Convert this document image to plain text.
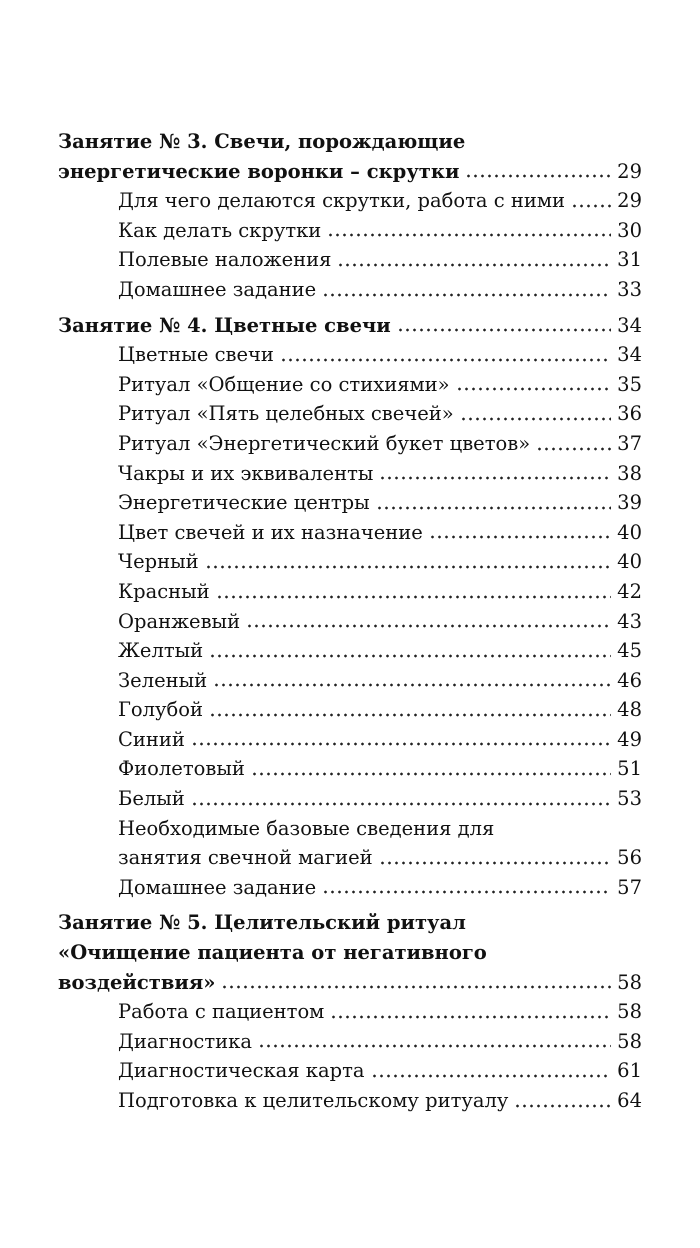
Занятие № 3. Свечи, порождающие
энергетические воронки – скрутки	29
Для чего делаются скрутки, работа с ними	29
Как делать скрутки	30
Полевые наложения	31
Домашнее задание	33
Занятие № 4. Цветные свечи	34
Цветные свечи	34
Ритуал «Общение со стихиями»	35
Ритуал «Пять целебных свечей»	36
Ритуал «Энергетический букет цветов»	37
Чакры и их эквиваленты	38
Энергетические центры	39
Цвет свечей и их назначение	40
Черный	40
Красный	42
Оранжевый	43
Желтый	45
Зеленый	46
Голубой	48
Синий	49
Фиолетовый	51
Белый	53
Необходимые базовые сведения для
занятия свечной магией	56
Домашнее задание	57
Занятие № 5. Целительский ритуал
«Очищение пациента от негативного
воздействия»	58
Работа с пациентом	58
Диагностика	58
Диагностическая карта	61
Подготовка к целительскому ритуалу	64
